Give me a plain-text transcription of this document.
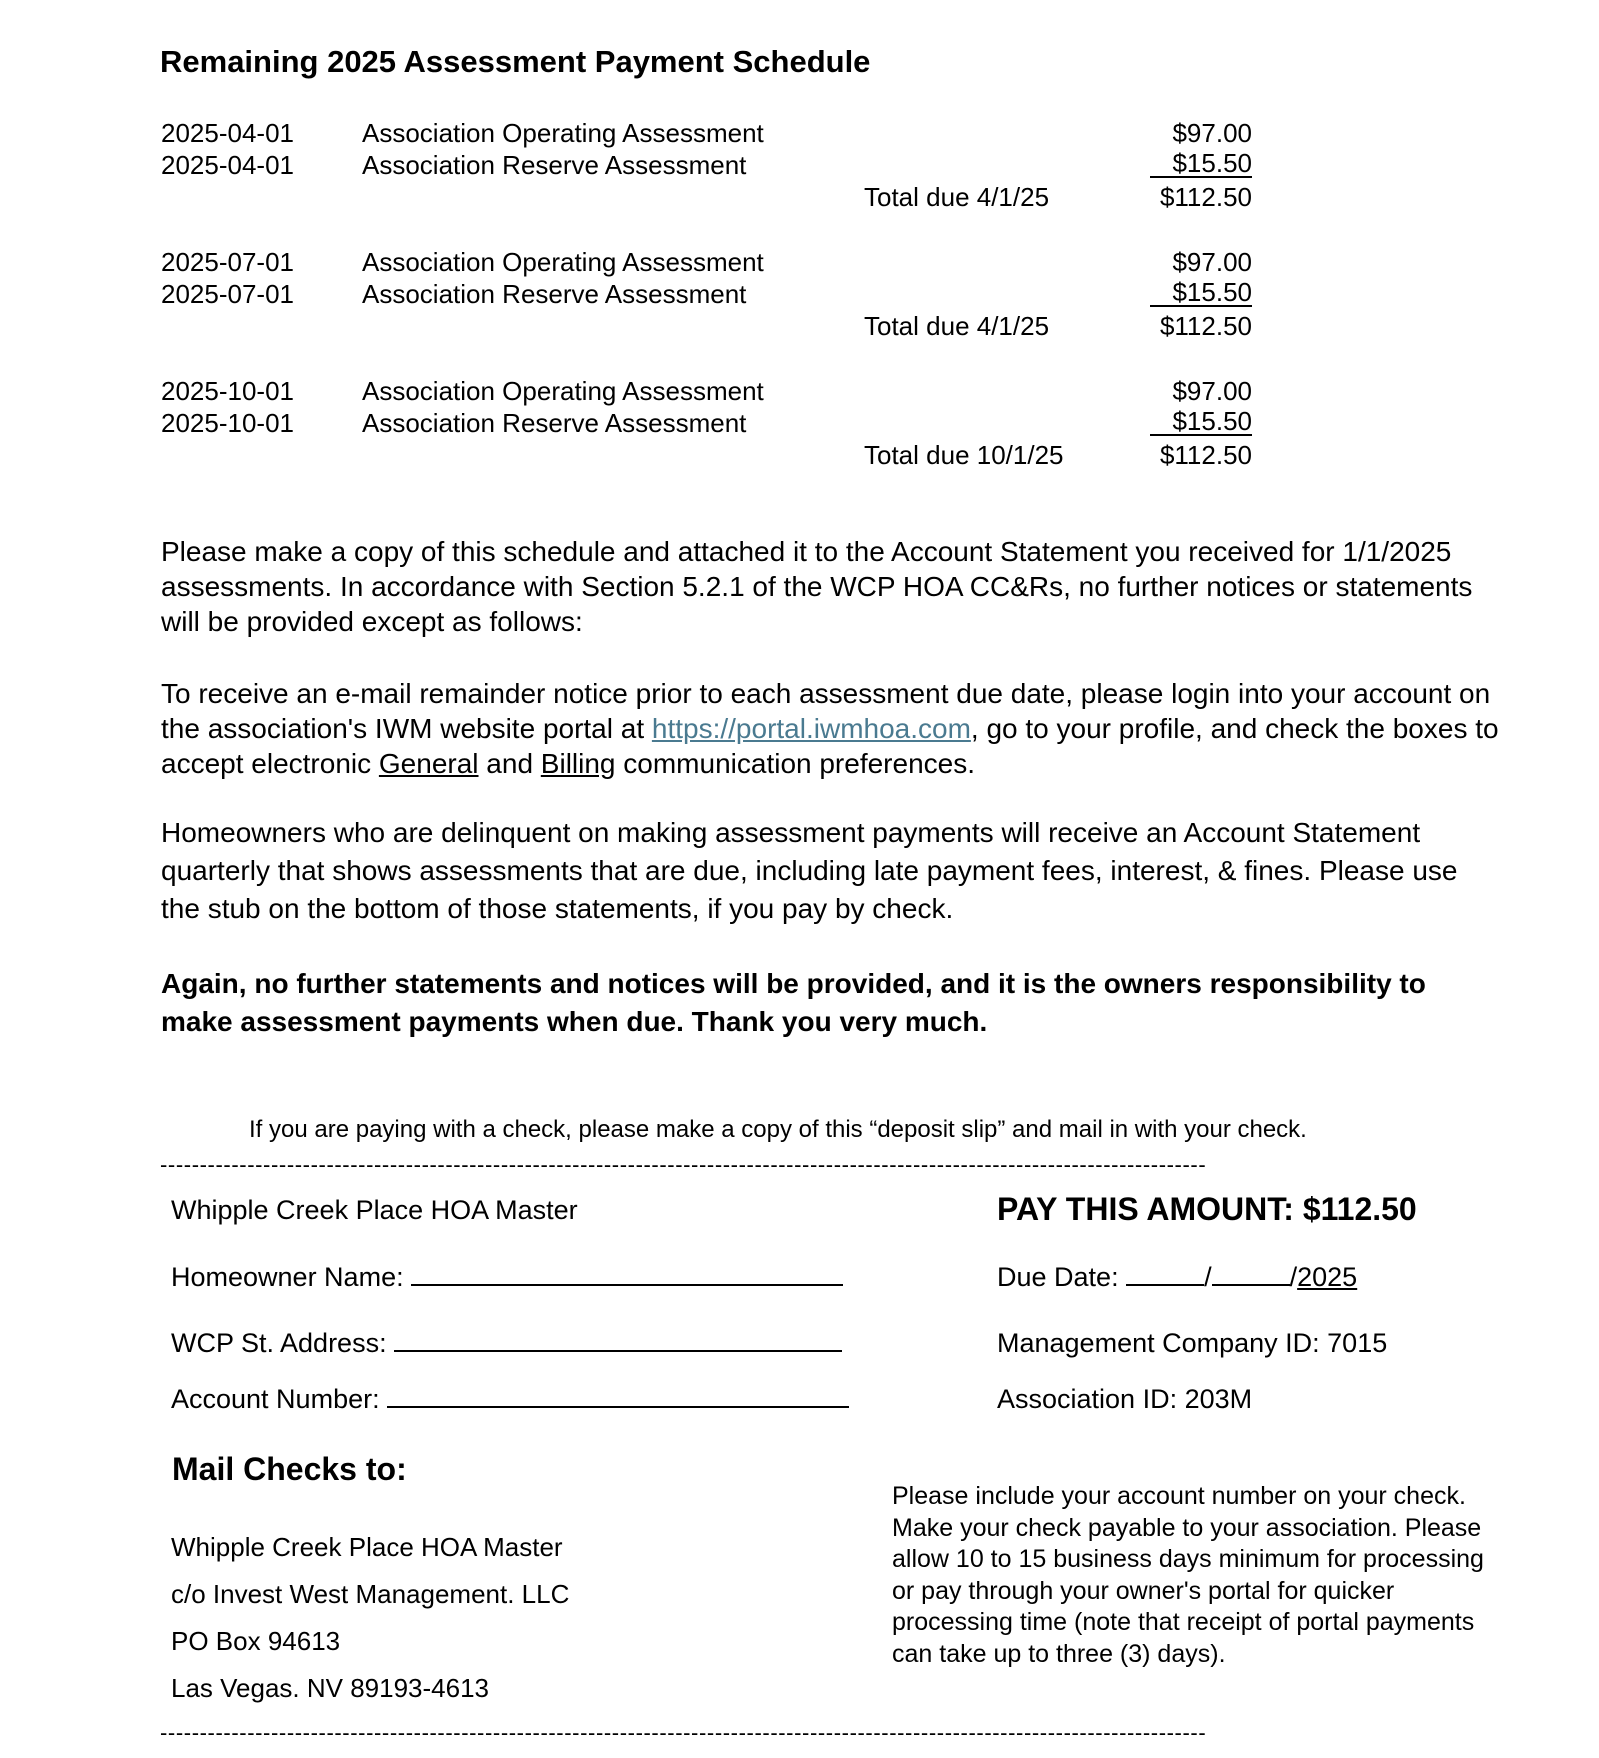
Remaining 2025 Assessment Payment Schedule
2025-04-01	Association Operating Assessment	$97.00
2025-04-01	Association Reserve Assessment	$15.50
Total due 4/1/25	$112.50
2025-07-01	Association Operating Assessment	$97.00
2025-07-01	Association Reserve Assessment	$15.50
Total due 4/1/25	$112.50
2025-10-01	Association Operating Assessment	$97.00
2025-10-01	Association Reserve Assessment	$15.50
Total due 10/1/25	$112.50

Please make a copy of this schedule and attached it to the Account Statement you received for 1/1/2025 assessments. In accordance with Section 5.2.1 of the WCP HOA CC&Rs, no further notices or statements will be provided except as follows:

To receive an e-mail remainder notice prior to each assessment due date, please login into your account on the association's IWM website portal at https://portal.iwmhoa.com, go to your profile, and check the boxes to accept electronic General and Billing communication preferences.

Homeowners who are delinquent on making assessment payments will receive an Account Statement quarterly that shows assessments that are due, including late payment fees, interest, & fines. Please use the stub on the bottom of those statements, if you pay by check.

Again, no further statements and notices will be provided, and it is the owners responsibility to make assessment payments when due. Thank you very much.

If you are paying with a check, please make a copy of this “deposit slip” and mail in with your check.
------------------------------------------------------------------------------------------------------------------------------------
Whipple Creek Place HOA Master	PAY THIS AMOUNT: $112.50
Homeowner Name:
WCP St. Address:
Account Number:
Due Date:	/	/2025
Management Company ID: 7015
Association ID: 203M
Mail Checks to:
Whipple Creek Place HOA Master
c/o Invest West Management. LLC
PO Box 94613
Las Vegas. NV 89193-4613

Please include your account number on your check. Make your check payable to your association. Please allow 10 to 15 business days minimum for processing or pay through your owner's portal for quicker processing time (note that receipt of portal payments can take up to three (3) days).

------------------------------------------------------------------------------------------------------------------------------------
